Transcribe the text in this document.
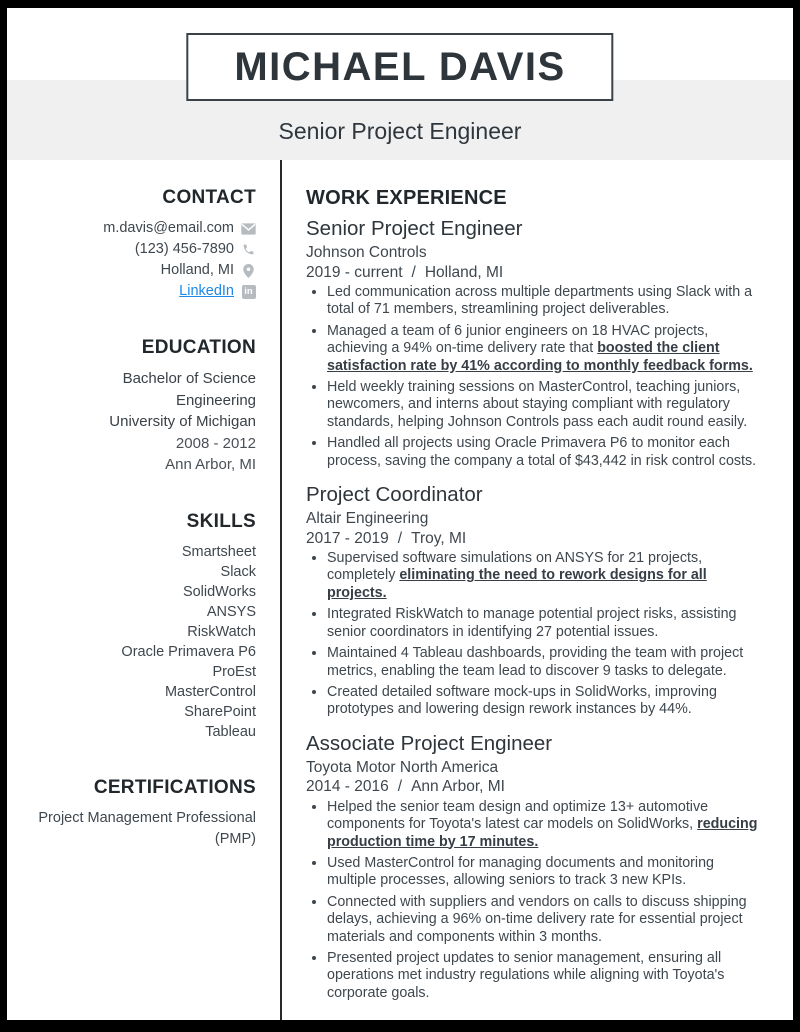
MICHAEL DAVIS
Senior Project Engineer
CONTACT
m.davis@email.com
(123) 456-7890
Holland, MI
LinkedIn in
EDUCATION
Bachelor of Science Engineering
University of Michigan
2008 - 2012
Ann Arbor, MI
SKILLS
Smartsheet
Slack
SolidWorks
ANSYS
RiskWatch
Oracle Primavera P6
ProEst
MasterControl
SharePoint
Tableau
CERTIFICATIONS
Project Management Professional (PMP)
WORK EXPERIENCE
Senior Project Engineer
Johnson Controls
2019 - current / Holland, MI
• Led communication across multiple departments using Slack with a total of 71 members, streamlining project deliverables.
• Managed a team of 6 junior engineers on 18 HVAC projects, achieving a 94% on-time delivery rate that boosted the client satisfaction rate by 41% according to monthly feedback forms.
• Held weekly training sessions on MasterControl, teaching juniors, newcomers, and interns about staying compliant with regulatory standards, helping Johnson Controls pass each audit round easily.
• Handled all projects using Oracle Primavera P6 to monitor each process, saving the company a total of $43,442 in risk control costs.
Project Coordinator
Altair Engineering
2017 - 2019 / Troy, MI
• Supervised software simulations on ANSYS for 21 projects, completely eliminating the need to rework designs for all projects.
• Integrated RiskWatch to manage potential project risks, assisting senior coordinators in identifying 27 potential issues.
• Maintained 4 Tableau dashboards, providing the team with project metrics, enabling the team lead to discover 9 tasks to delegate.
• Created detailed software mock-ups in SolidWorks, improving prototypes and lowering design rework instances by 44%.
Associate Project Engineer
Toyota Motor North America
2014 - 2016 / Ann Arbor, MI
• Helped the senior team design and optimize 13+ automotive components for Toyota's latest car models on SolidWorks, reducing production time by 17 minutes.
• Used MasterControl for managing documents and monitoring multiple processes, allowing seniors to track 3 new KPIs.
• Connected with suppliers and vendors on calls to discuss shipping delays, achieving a 96% on-time delivery rate for essential project materials and components within 3 months.
• Presented project updates to senior management, ensuring all operations met industry regulations while aligning with Toyota's corporate goals.
